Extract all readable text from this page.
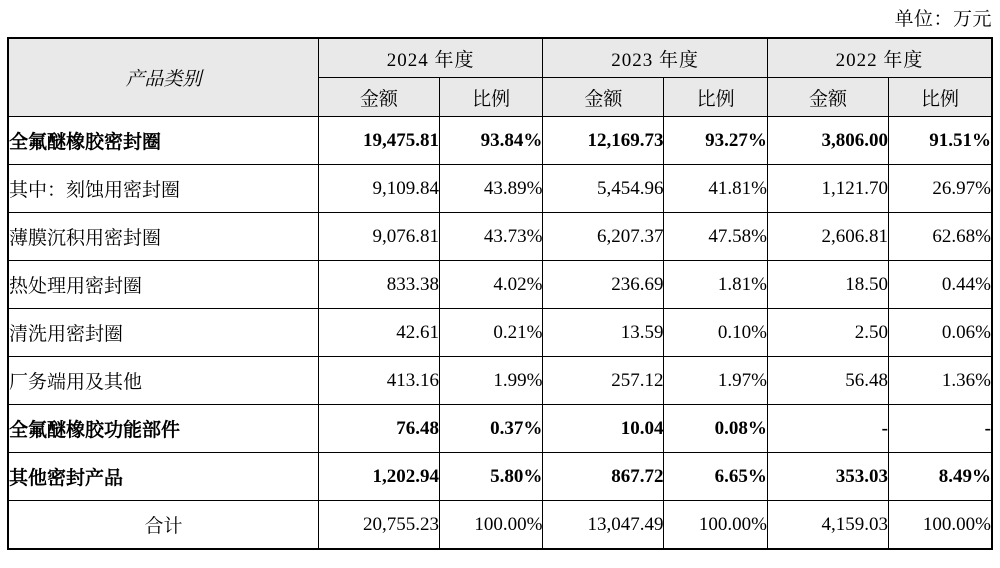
单位：万元
产品类别	2024 年度		2023 年度		2022 年度	
	金额	比例	金额	比例	金额	比例
全氟醚橡胶密封圈	19,475.81	93.84%	12,169.73	93.27%	3,806.00	91.51%
其中：刻蚀用密封圈	9,109.84	43.89%	5,454.96	41.81%	1,121.70	26.97%
薄膜沉积用密封圈	9,076.81	43.73%	6,207.37	47.58%	2,606.81	62.68%
热处理用密封圈	833.38	4.02%	236.69	1.81%	18.50	0.44%
清洗用密封圈	42.61	0.21%	13.59	0.10%	2.50	0.06%
厂务端用及其他	413.16	1.99%	257.12	1.97%	56.48	1.36%
全氟醚橡胶功能部件	76.48	0.37%	10.04	0.08%	-	-
其他密封产品	1,202.94	5.80%	867.72	6.65%	353.03	8.49%
合计	20,755.23	100.00%	13,047.49	100.00%	4,159.03	100.00%
